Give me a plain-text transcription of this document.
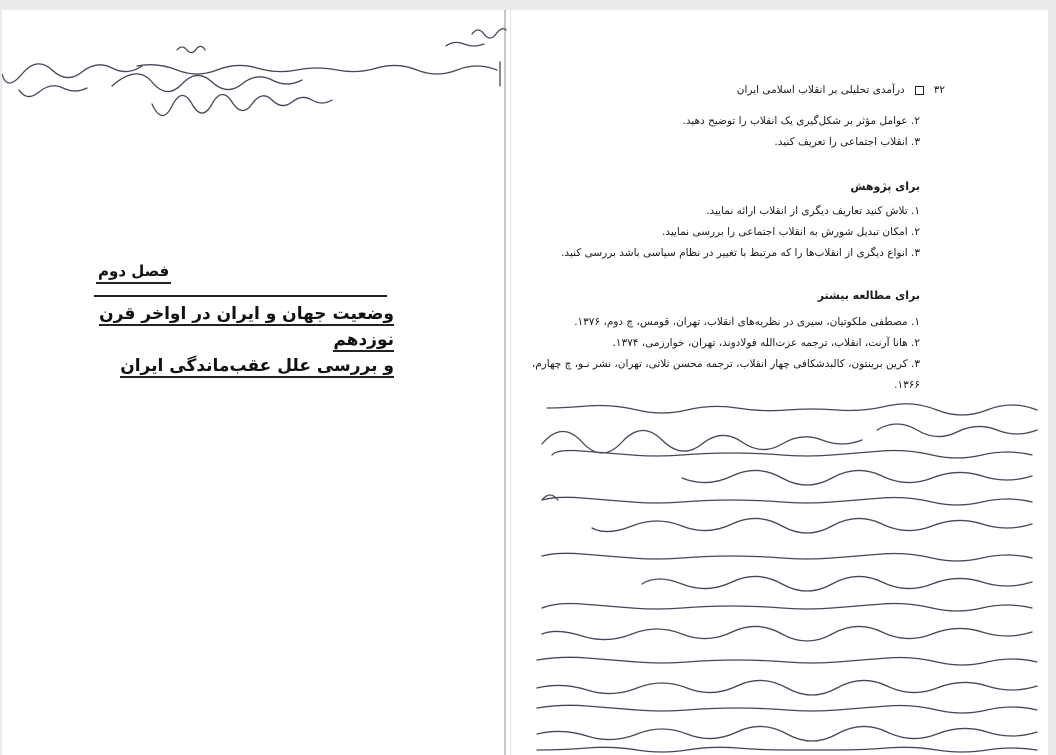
فصل دوم
وضعیت جهان و ایران در اواخر قرن نوزدهم
و بررسی علل عقب‌ماندگی ایران
۳۲
درآمدی تحلیلی بر انقلاب اسلامی ایران
۲. عوامل مؤثر بر شکل‌گیری یک انقلاب را توضیح دهید.
۳. انقلاب اجتماعی را تعریف کنید.
برای پژوهش
۱. تلاش کنید تعاریف دیگری از انقلاب ارائه نمایید.
۲. امکان تبدیل شورش به انقلاب اجتماعی را بررسی نمایید.
۳. انواع دیگری از انقلاب‌ها را که مرتبط با تغییر در نظام سیاسی باشد بررسی کنید.
برای مطالعه بیشتر
۱. مصطفی ملکوتیان، سیری در نظریه‌های انقلاب، تهران، قومس، چ دوم، ۱۳۷۶.
۲. هانا آرنت، انقلاب، ترجمه عزت‌الله فولادوند، تهران، خوارزمی، ۱۳۷۴.
۳. کرین برینتون، کالبدشکافی چهار انقلاب، ترجمه محسن ثلاثی، تهران، نشر نـو، چ چهارم،
۱۳۶۶.
